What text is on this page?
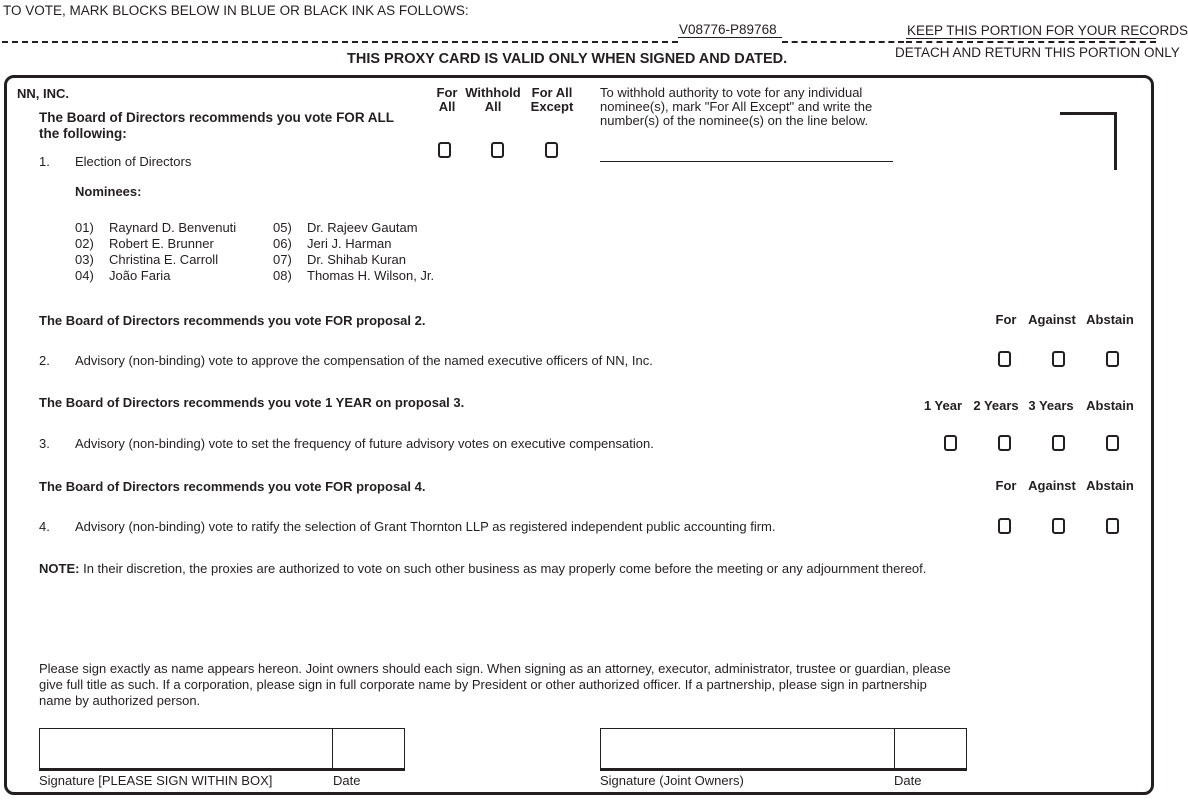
TO VOTE, MARK BLOCKS BELOW IN BLUE OR BLACK INK AS FOLLOWS:
V08776-P89768	KEEP THIS PORTION FOR YOUR RECORDS
DETACH AND RETURN THIS PORTION ONLY
THIS PROXY CARD IS VALID ONLY WHEN SIGNED AND DATED.
NN, INC.
The Board of Directors recommends you vote FOR ALL
the following:
For
All
Withhold
All
For All
Except
To withhold authority to vote for any individual
nominee(s), mark "For All Except" and write the
number(s) of the nominee(s) on the line below.
1. Election of Directors
Nominees:
01) Raynard D. Benvenuti
02) Robert E. Brunner
03) Christina E. Carroll
04) João Faria
05) Dr. Rajeev Gautam
06) Jeri J. Harman
07) Dr. Shihab Kuran
08) Thomas H. Wilson, Jr.
The Board of Directors recommends you vote FOR proposal 2.	For Against Abstain
2. Advisory (non-binding) vote to approve the compensation of the named executive officers of NN, Inc.
The Board of Directors recommends you vote 1 YEAR on proposal 3.	1 Year 2 Years 3 Years Abstain
3. Advisory (non-binding) vote to set the frequency of future advisory votes on executive compensation.
The Board of Directors recommends you vote FOR proposal 4.	For Against Abstain
4. Advisory (non-binding) vote to ratify the selection of Grant Thornton LLP as registered independent public accounting firm.
NOTE: In their discretion, the proxies are authorized to vote on such other business as may properly come before the meeting or any adjournment thereof.
Please sign exactly as name appears hereon. Joint owners should each sign. When signing as an attorney, executor, administrator, trustee or guardian, please
give full title as such. If a corporation, please sign in full corporate name by President or other authorized officer. If a partnership, please sign in partnership
name by authorized person.
Signature [PLEASE SIGN WITHIN BOX]	Date	Signature (Joint Owners)	Date
